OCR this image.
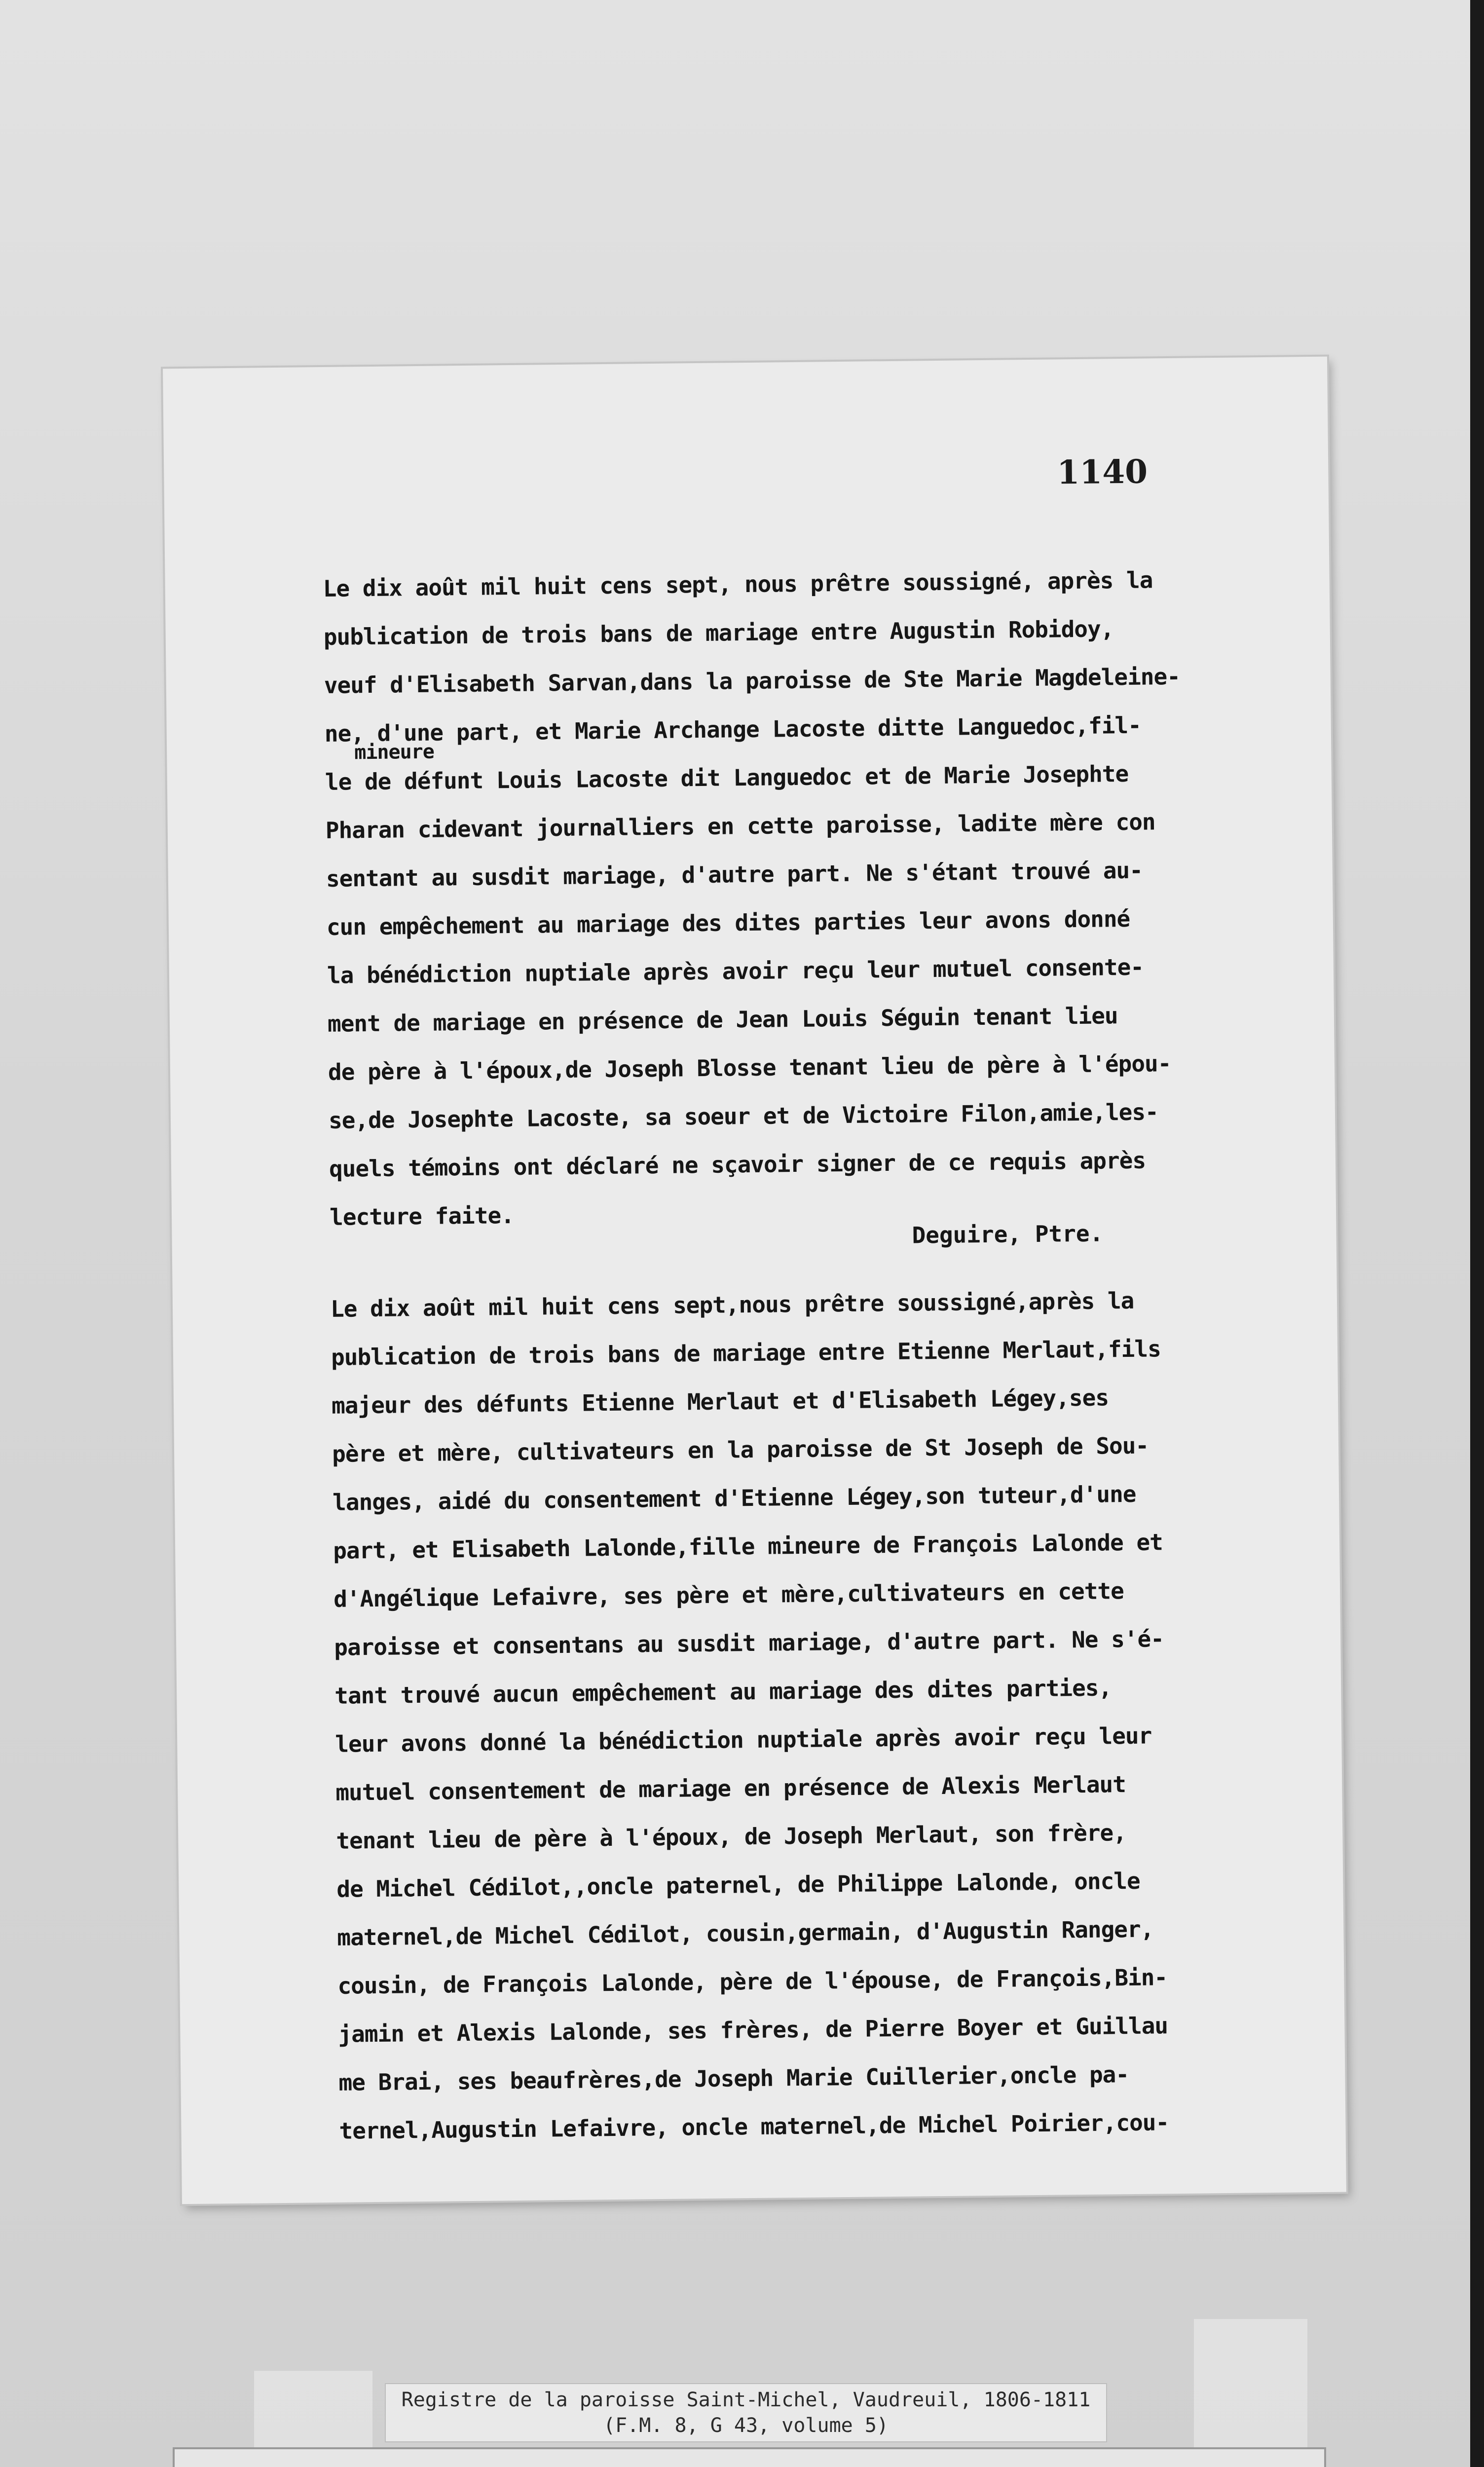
1140
Le dix août mil huit cens sept, nous prêtre soussigné, après la
publication de trois bans de mariage entre Augustin Robidoy,
veuf d'Elisabeth Sarvan,dans la paroisse de Ste Marie Magdeleine-
ne, d'une part, et Marie Archange Lacoste ditte Languedoc,fil-
mineure
le de défunt Louis Lacoste dit Languedoc et de Marie Josephte
Pharan cidevant journalliers en cette paroisse, ladite mère con
sentant au susdit mariage, d'autre part. Ne s'étant trouvé au-
cun empêchement au mariage des dites parties leur avons donné
la bénédiction nuptiale après avoir reçu leur mutuel consente-
ment de mariage en présence de Jean Louis Séguin tenant lieu
de père à l'époux,de Joseph Blosse tenant lieu de père à l'épou-
se,de Josephte Lacoste, sa soeur et de Victoire Filon,amie,les-
quels témoins ont déclaré ne sçavoir signer de ce requis après
lecture faite.
Deguire, Ptre.
Le dix août mil huit cens sept,nous prêtre soussigné,après la
publication de trois bans de mariage entre Etienne Merlaut,fils
majeur des défunts Etienne Merlaut et d'Elisabeth Légey,ses
père et mère, cultivateurs en la paroisse de St Joseph de Sou-
langes, aidé du consentement d'Etienne Légey,son tuteur,d'une
part, et Elisabeth Lalonde,fille mineure de François Lalonde et
d'Angélique Lefaivre, ses père et mère,cultivateurs en cette
paroisse et consentans au susdit mariage, d'autre part. Ne s'é-
tant trouvé aucun empêchement au mariage des dites parties,
leur avons donné la bénédiction nuptiale après avoir reçu leur
mutuel consentement de mariage en présence de Alexis Merlaut
tenant lieu de père à l'époux, de Joseph Merlaut, son frère,
de Michel Cédilot,,oncle paternel, de Philippe Lalonde, oncle
maternel,de Michel Cédilot, cousin,germain, d'Augustin Ranger,
cousin, de François Lalonde, père de l'épouse, de François,Bin-
jamin et Alexis Lalonde, ses frères, de Pierre Boyer et Guillau
me Brai, ses beaufrères,de Joseph Marie Cuillerier,oncle pa-
ternel,Augustin Lefaivre, oncle maternel,de Michel Poirier,cou-
Registre de la paroisse Saint-Michel, Vaudreuil, 1806-1811
(F.M. 8, G 43, volume 5)
